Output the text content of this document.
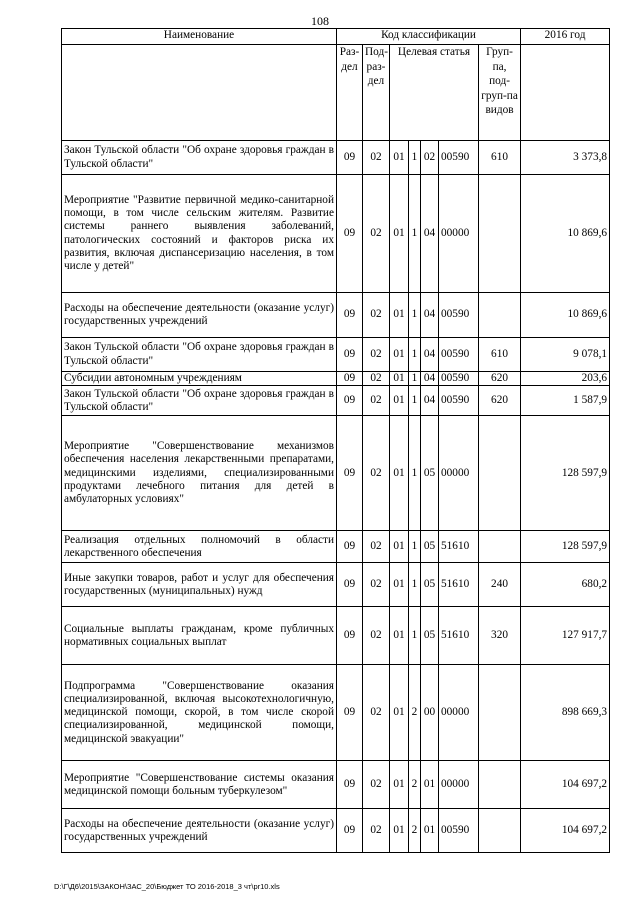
108
Наименование	Код классификации							2016 год
	Раз-дел	Под-раз-дел	Целевая статья				Груп-па, под-груп-па видов	
Закон Тульской области "Об охране здоровья граждан в Тульской области"	09	02	01	1	02	00590	610	3 373,8
Мероприятие "Развитие первичной медико-санитарной помощи, в том числе сельским жителям. Развитие системы раннего выявления заболеваний, патологических состояний и факторов риска их развития, включая диспансеризацию населения, в том числе у детей"	09	02	01	1	04	00000		10 869,6
Расходы на обеспечение деятельности (оказание услуг) государственных учреждений	09	02	01	1	04	00590		10 869,6
Закон Тульской области "Об охране здоровья граждан в Тульской области"	09	02	01	1	04	00590	610	9 078,1
Субсидии автономным учреждениям	09	02	01	1	04	00590	620	203,6
Закон Тульской области "Об охране здоровья граждан в Тульской области"	09	02	01	1	04	00590	620	1 587,9
Мероприятие "Совершенствование механизмов обеспечения населения лекарственными препаратами, медицинскими изделиями, специализированными продуктами лечебного питания для детей в амбулаторных условиях"	09	02	01	1	05	00000		128 597,9
Реализация отдельных полномочий в области лекарственного обеспечения	09	02	01	1	05	51610		128 597,9
Иные закупки товаров, работ и услуг для обеспечения государственных (муниципальных) нужд	09	02	01	1	05	51610	240	680,2
Социальные выплаты гражданам, кроме публичных нормативных социальных выплат	09	02	01	1	05	51610	320	127 917,7
Подпрограмма "Совершенствование оказания специализированной, включая высокотехнологичную, медицинской помощи, скорой, в том числе скорой специализированной, медицинской помощи, медицинской эвакуации"	09	02	01	2	00	00000		898 669,3
Мероприятие "Совершенствование системы оказания медицинской помощи больным туберкулезом"	09	02	01	2	01	00000		104 697,2
Расходы на обеспечение деятельности (оказание услуг) государственных учреждений	09	02	01	2	01	00590		104 697,2
D:\Г\Д6\2015\ЗАКОН\ЗАС_20\Бюджет ТО 2016-2018_3 чт\pr10.xls
